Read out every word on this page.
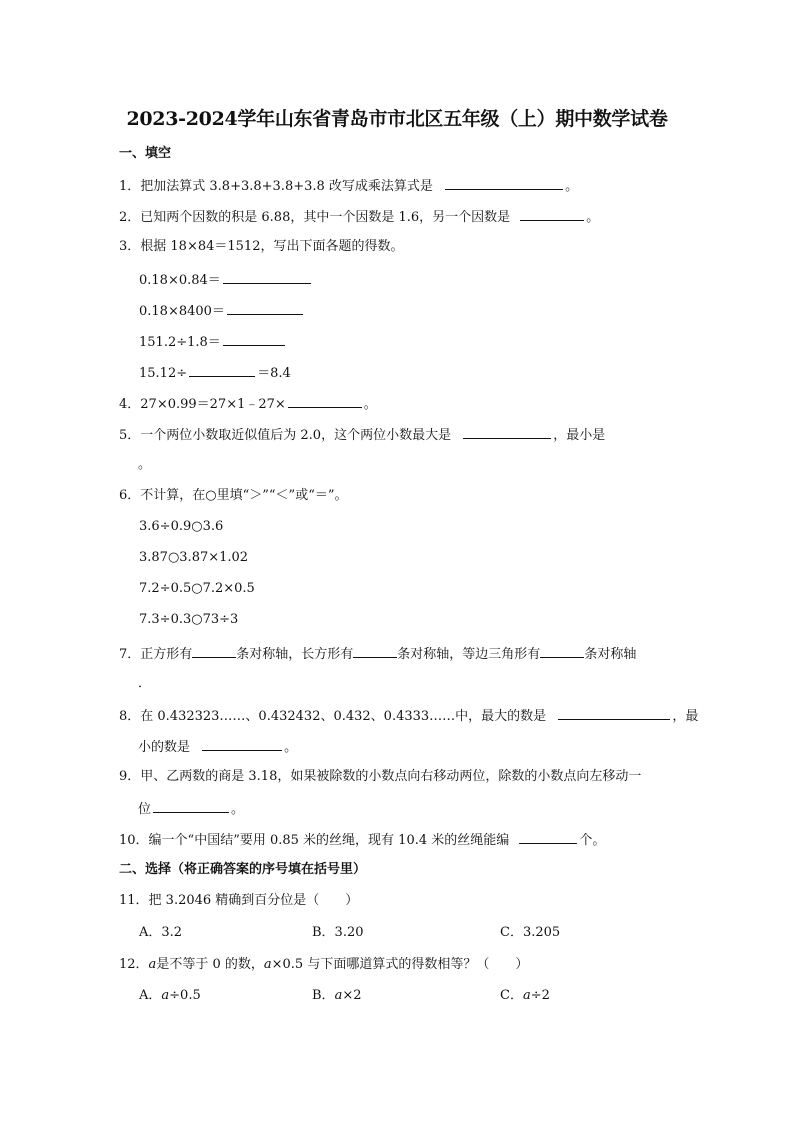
2023-2024学年山东省青岛市市北区五年级（上）期中数学试卷
一、填空
1．把加法算式 3.8+3.8+3.8+3.8 改写成乘法算式是	。
2．已知两个因数的积是 6.88，其中一个因数是 1.6，另一个因数是	。
3．根据 18×84＝1512，写出下面各题的得数。
0.18×0.84＝
0.18×8400＝
151.2÷1.8＝
15.12÷	＝8.4
4．27×0.99＝27×1﹣27×	。
5．一个两位小数取近似值后为 2.0，这个两位小数最大是	，最小是
。
6．不计算，在○里填“＞”“＜”或“＝”。
3.6÷0.9○3.6
3.87○3.87×1.02
7.2÷0.5○7.2×0.5
7.3÷0.3○73÷3
7．正方形有	条对称轴，长方形有	条对称轴，等边三角形有	条对称轴
．
8．在 0.432323……、0.432432、0.432、0.4333……中，最大的数是	，最
小的数是	。
9．甲、乙两数的商是 3.18，如果被除数的小数点向右移动两位，除数的小数点向左移动一
位	。
10．编一个“中国结”要用 0.85 米的丝绳，现有 10.4 米的丝绳能编	个。
二、选择（将正确答案的序号填在括号里）
11．把 3.2046 精确到百分位是（　　）
A．3.2	B．3.20	C．3.205
12．a是不等于 0 的数，a×0.5 与下面哪道算式的得数相等？（　　）
A．a÷0.5	B．a×2	C．a÷2
